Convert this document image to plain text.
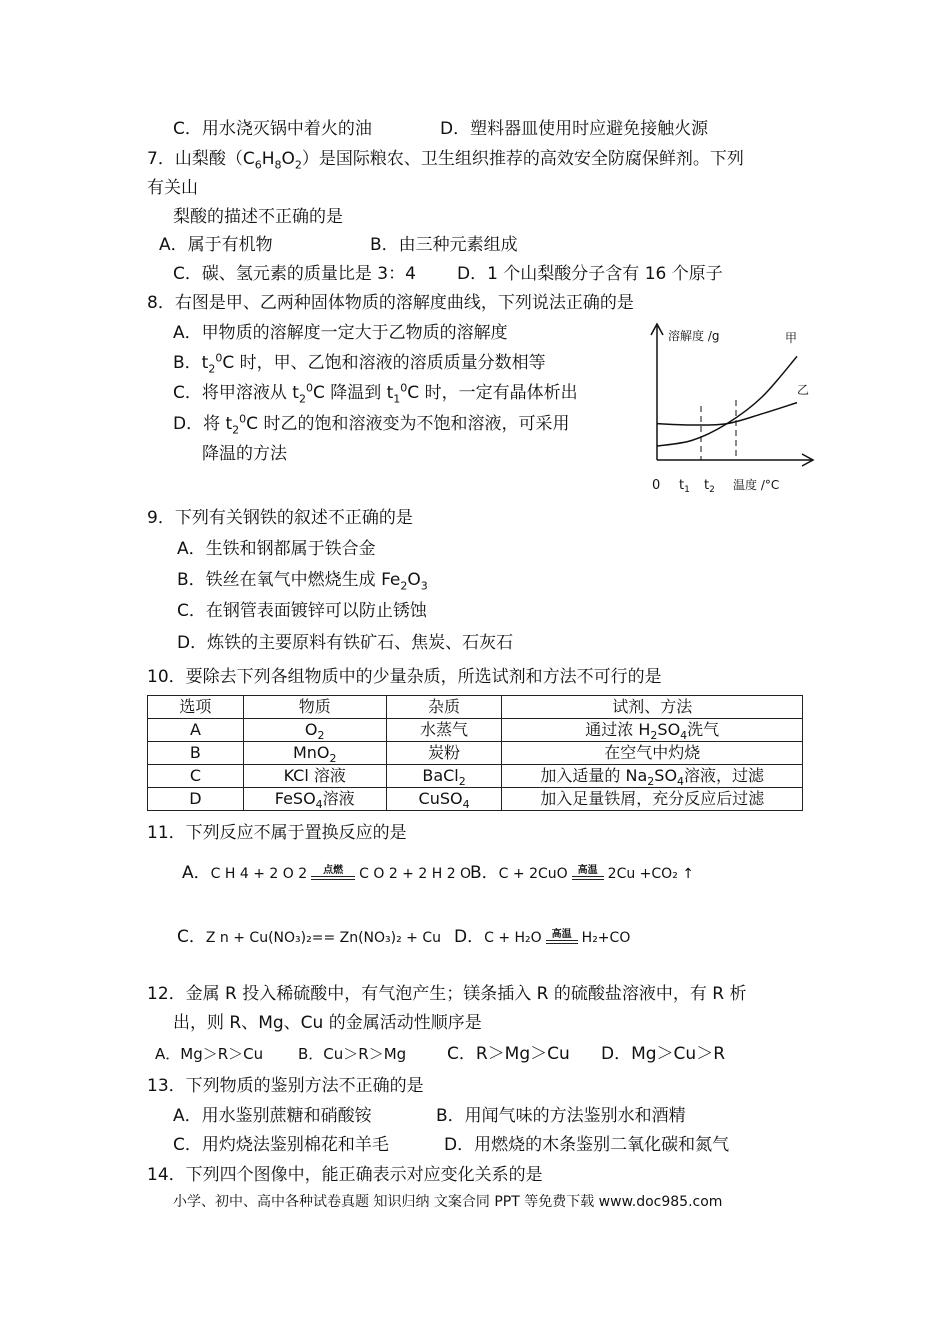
C．用水浇灭锅中着火的油	D．塑料器皿使用时应避免接触火源
7．山梨酸$(C_6H_8O_2)$是国际粮农、卫生组织推荐的高效安全防腐保鲜剂。下列
有关山
梨酸的描述不正确的是
A．属于有机物	B．由三种元素组成
C．碳、氢元素的质量比是 3：4 D．1 个山梨酸分子含有 16 个原子
8．右图是甲、乙两种固体物质的溶解度曲线，下列说法正确的是
A．甲物质的溶解度一定大于乙物质的溶解度
B．$t_2^0C$ 时，甲、乙饱和溶液的溶质质量分数相等
C．将甲溶液从 $t_2^0C$ 降温到 $t_1^0C$ 时，一定有晶体析出
D．将 $t_2^0C$ 时乙的饱和溶液变为不饱和溶液，可采用
降温的方法
溶解度 /g	甲
乙
0 $t_1$ $t_2$ 温度 /°C
9．下列有关钢铁的叙述不正确的是
A．生铁和钢都属于铁合金
B．铁丝在氧气中燃烧生成 $Fe_2O_3$
C．在钢管表面镀锌可以防止锈蚀
D．炼铁的主要原料有铁矿石、焦炭、石灰石
10．要除去下列各组物质中的少量杂质，所选试剂和方法不可行的是
选项	物质	杂质	试剂、方法
A	$O_2$	水蒸气	通过浓 $H_2SO_4$洗气
B	MnO$_2$	炭粉	在空气中灼烧
C	KCl 溶液	BaCl$_2$	加入适量的 $Na_2SO_4$溶液，过滤
D	FeSO$_4$溶液	CuSO$_4$	加入足量铁屑，充分反应后过滤
11．下列反应不属于置换反应的是
A．C H 4 + 2 O 2	点燃	C O 2 + 2 H 2 O
B．C + 2CuO	高温 2Cu +CO₂ ↑
C．Z n + Cu(NO₃)₂== Zn(NO₃)₂ + Cu D．C + H₂O	高温 H₂+CO
12．金属 R 投入稀硫酸中，有气泡产生；镁条插入 R 的硫酸盐溶液中，有 R 析
出，则 R、Mg、Cu 的金属活动性顺序是
A．Mg＞R＞Cu B．Cu＞R＞Mg C．R＞Mg＞Cu D．Mg＞Cu＞R
13．下列物质的鉴别方法不正确的是
A．用水鉴别蔗糖和硝酸铵	B．用闻气味的方法鉴别水和酒精
C．用灼烧法鉴别棉花和羊毛	D．用燃烧的木条鉴别二氧化碳和氮气
14．下列四个图像中，能正确表示对应变化关系的是
小学、初中、高中各种试卷真题 知识归纳 文案合同 PPT 等免费下载 www.doc985.com
